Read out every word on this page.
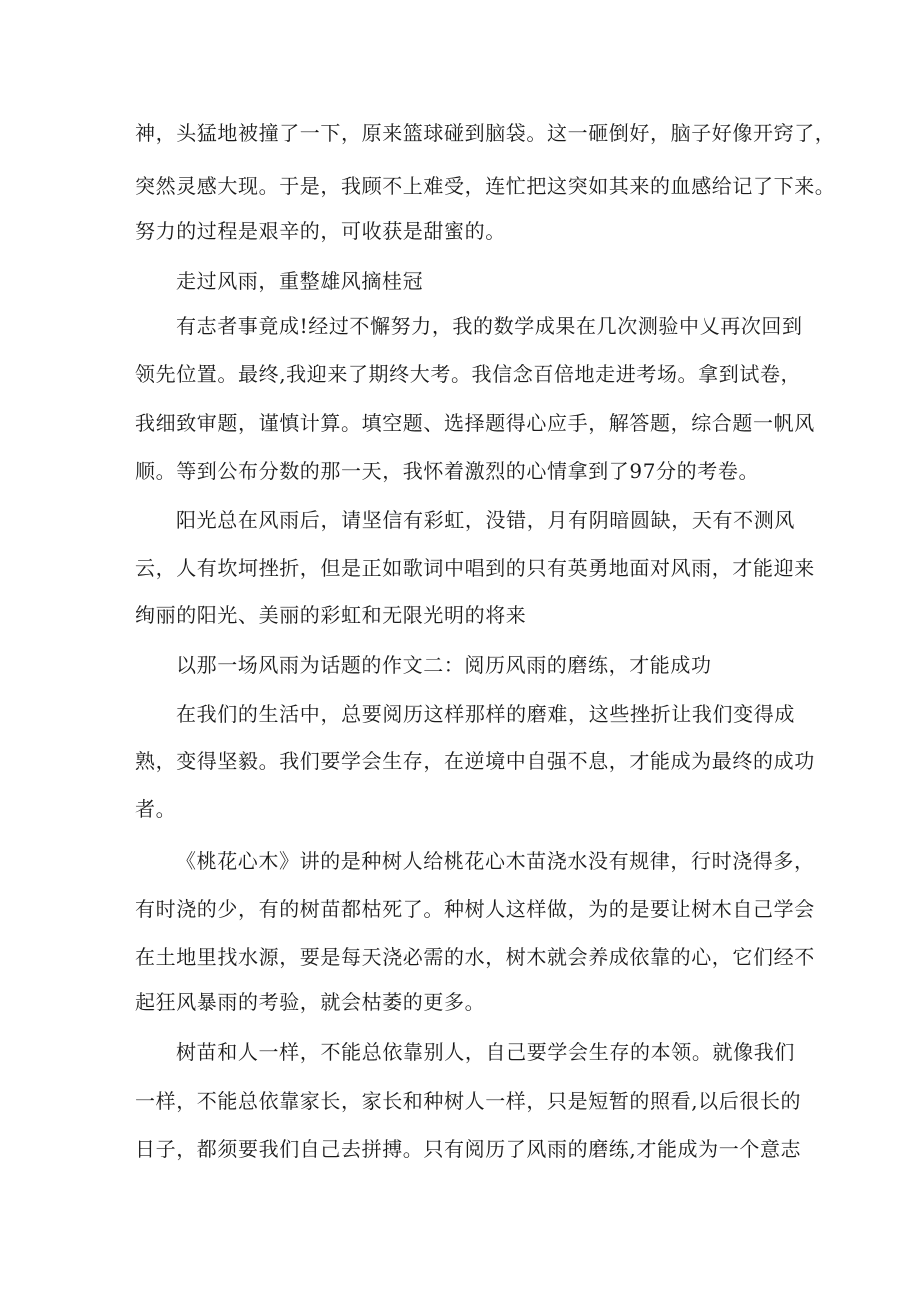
神，头猛地被撞了一下，原来篮球碰到脑袋。这一砸倒好，脑子好像开窍了，
突然灵感大现。于是，我顾不上难受，连忙把这突如其来的血感给记了下来。
努力的过程是艰辛的，可收获是甜蜜的。
走过风雨，重整雄风摘桂冠
有志者事竟成!经过不懈努力，我的数学成果在几次测验中乂再次回到
领先位置。最终,我迎来了期终大考。我信念百倍地走进考场。拿到试卷，
我细致审题，谨慎计算。填空题、选择题得心应手，解答题，综合题一帆风
顺。等到公布分数的那一天，我怀着激烈的心情拿到了97分的考卷。
阳光总在风雨后，请坚信有彩虹，没错，月有阴暗圆缺，天有不测风
云，人有坎坷挫折，但是正如歌词中唱到的只有英勇地面对风雨，才能迎来
绚丽的阳光、美丽的彩虹和无限光明的将来
以那一场风雨为话题的作文二：阅历风雨的磨练，才能成功
在我们的生活中，总要阅历这样那样的磨难，这些挫折让我们变得成
熟，变得坚毅。我们要学会生存，在逆境中自强不息，才能成为最终的成功
者。
《桃花心木》讲的是种树人给桃花心木苗浇水没有规律，行时浇得多，
有时浇的少，有的树苗都枯死了。种树人这样做，为的是要让树木自己学会
在土地里找水源，要是每天浇必需的水，树木就会养成依靠的心，它们经不
起狂风暴雨的考验，就会枯萎的更多。
树苗和人一样，不能总依靠别人，自己要学会生存的本领。就像我们
一样，不能总依靠家长，家长和种树人一样，只是短暂的照看,以后很长的
日子，都须要我们自己去拼搏。只有阅历了风雨的磨练,才能成为一个意志
